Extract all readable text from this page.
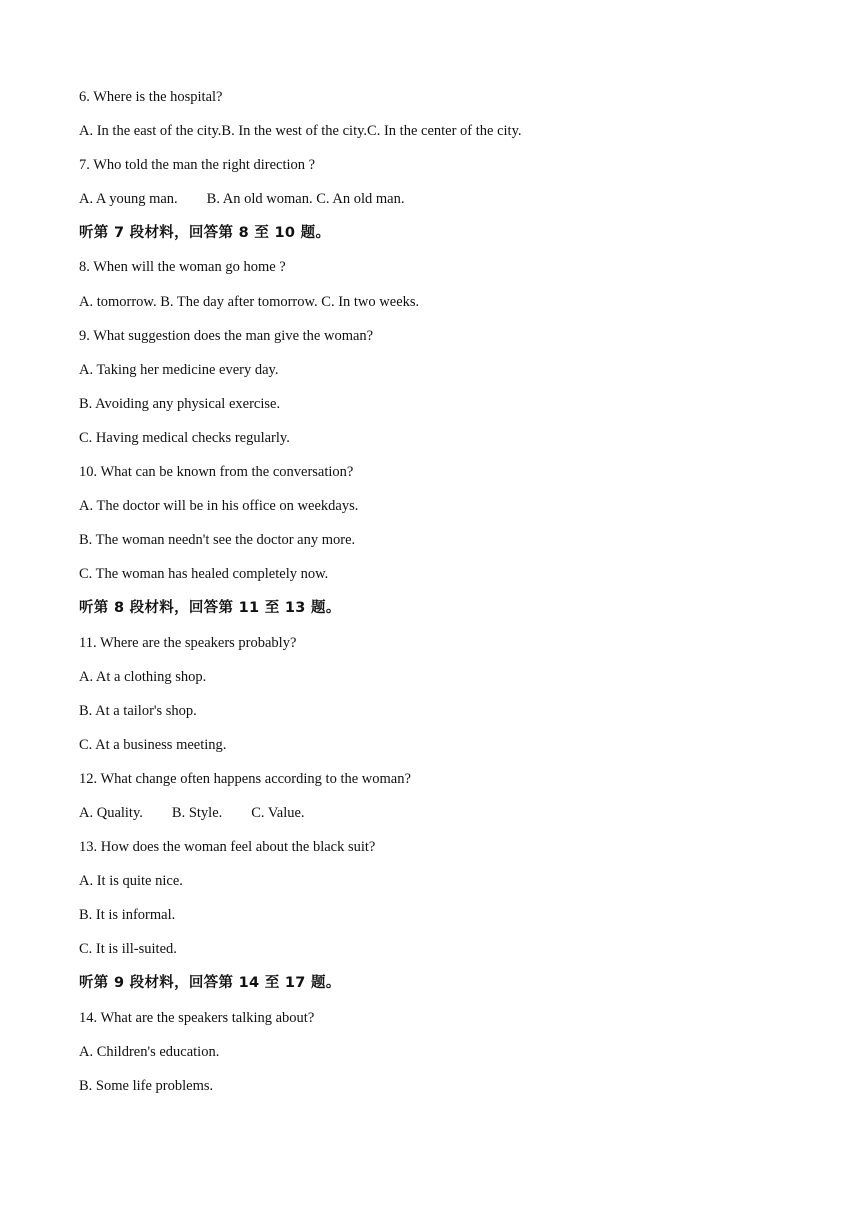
6. Where is the hospital?
A. In the east of the city.B. In the west of the city.C. In the center of the city.
7. Who told the man the right direction ?
A. A young man.        B. An old woman. C. An old man.
听第 7 段材料，回答第 8 至 10 题。
8. When will the woman go home ?
A. tomorrow. B. The day after tomorrow. C. In two weeks.
9. What suggestion does the man give the woman?
A. Taking her medicine every day.
B. Avoiding any physical exercise.
C. Having medical checks regularly.
10. What can be known from the conversation?
A. The doctor will be in his office on weekdays.
B. The woman needn't see the doctor any more.
C. The woman has healed completely now.
听第 8 段材料，回答第 11 至 13 题。
11. Where are the speakers probably?
A. At a clothing shop.
B. At a tailor's shop.
C. At a business meeting.
12. What change often happens according to the woman?
A. Quality.        B. Style.        C. Value.
13. How does the woman feel about the black suit?
A. It is quite nice.
B. It is informal.
C. It is ill-suited.
听第 9 段材料，回答第 14 至 17 题。
14. What are the speakers talking about?
A. Children's education.
B. Some life problems.
